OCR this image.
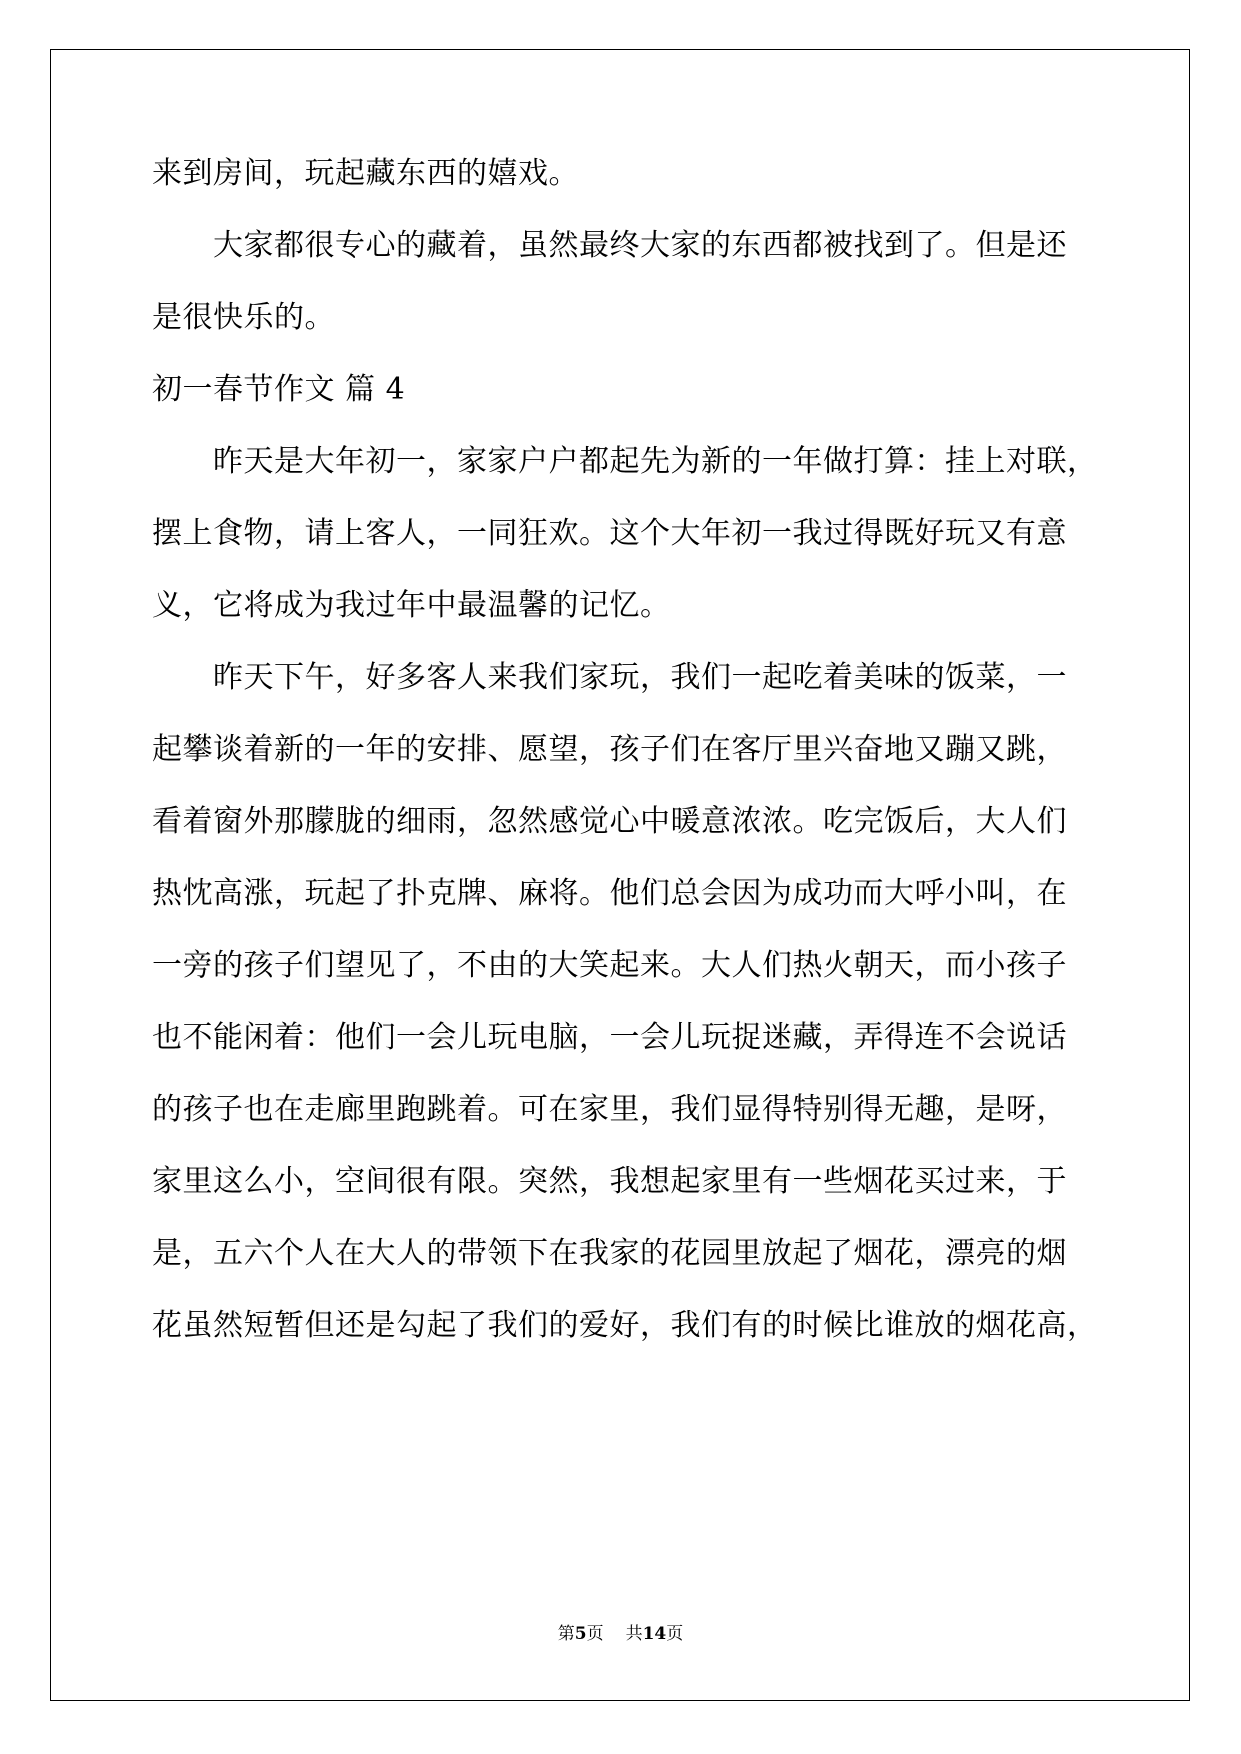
来到房间，玩起藏东西的嬉戏。
大家都很专心的藏着，虽然最终大家的东西都被找到了。但是还
是很快乐的。
初一春节作文 篇 4
昨天是大年初一，家家户户都起先为新的一年做打算：挂上对联，
摆上食物，请上客人，一同狂欢。这个大年初一我过得既好玩又有意
义，它将成为我过年中最温馨的记忆。
昨天下午，好多客人来我们家玩，我们一起吃着美味的饭菜，一
起攀谈着新的一年的安排、愿望，孩子们在客厅里兴奋地又蹦又跳，
看着窗外那朦胧的细雨，忽然感觉心中暖意浓浓。吃完饭后，大人们
热忱高涨，玩起了扑克牌、麻将。他们总会因为成功而大呼小叫，在
一旁的孩子们望见了，不由的大笑起来。大人们热火朝天，而小孩子
也不能闲着：他们一会儿玩电脑，一会儿玩捉迷藏，弄得连不会说话
的孩子也在走廊里跑跳着。可在家里，我们显得特别得无趣，是呀，
家里这么小，空间很有限。突然，我想起家里有一些烟花买过来，于
是，五六个人在大人的带领下在我家的花园里放起了烟花，漂亮的烟
花虽然短暂但还是勾起了我们的爱好，我们有的时候比谁放的烟花高，
第5页 共14页
